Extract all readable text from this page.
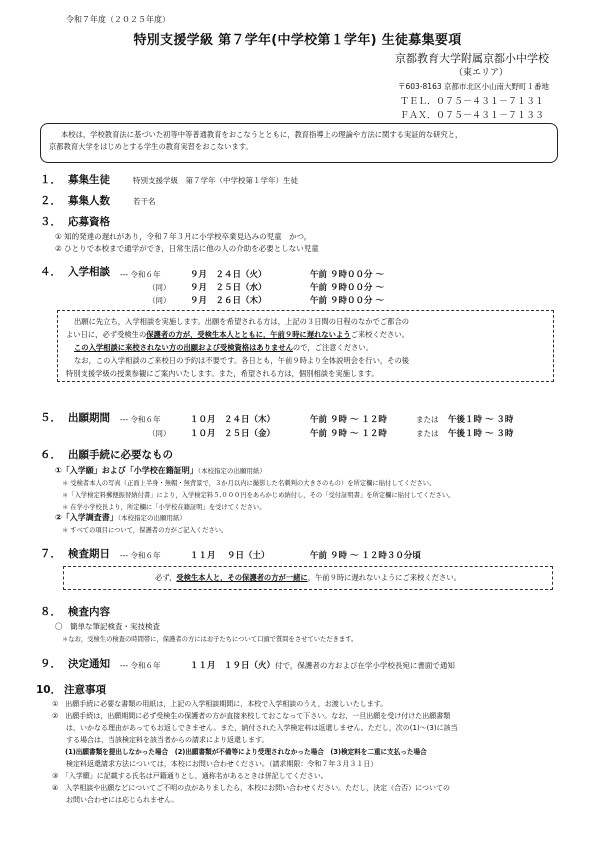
令和７年度（２０２５年度）
特別支援学級 第７学年(中学校第１学年) 生徒募集要項
京都教育大学附属京都小中学校
（東エリア）
〒603-8163 京都市北区小山南大野町１番地
ＴＥＬ．０７５－４３１－７１３１
ＦＡＸ．０７５－４３１－７１３３
本校は，学校教育法に基づいた初等中等普通教育をおこなうとともに，教育指導上の理論や方法に関する実証的な研究と，
京都教育大学をはじめとする学生の教育実習をおこないます。
１． 募集生徒	特別支援学級　第７学年（中学校第１学年）生徒
２． 募集人数	若干名
３． 応募資格
① 知的発達の遅れがあり，令和７年３月に小学校卒業見込みの児童　かつ，
② ひとりで本校まで通学ができ，日常生活に他の人の介助を必要としない児童
４． 入学相談 --- 令和６年	９月　２４日（火）	午前 ９時００分 ～
（同） ９月　２５日（水）	午前 ９時００分 ～
（同） ９月　２６日（木）	午前 ９時００分 ～
出願に先立ち，入学相談を実施します。出願を希望される方は，上記の３日間の日程のなかでご都合の
よい日に，必ず受検生の保護者の方が，受検生本人とともに，午前９時に遅れないようご来校ください。
この入学相談に来校されない方の出願および受検資格はありませんので，ご注意ください。
なお，この入学相談のご来校日の予約は不要です。各日とも，午前９時より全体説明会を行い，その後
特別支援学級の授業参観にご案内いたします。また，希望される方は，個別相談を実施します。
５． 出願期間 --- 令和６年	１０月　２４日（木）	午前 ９時 ～ １２時	または 午後１時 ～ ３時
（同） １０月　２５日（金）	午前 ９時 ～ １２時	または 午後１時 ～ ３時
６． 出願手続に必要なもの
①「入学願」および「小学校在籍証明」（本校指定の出願用紙）
＊ 受検者本人の写真（正面上半身・無帽・無背景で，３か月以内に撮影した名刺判の大きさのもの）を所定欄に貼付してください。
＊「入学検定料郵便振替納付書」により，入学検定料５,０００円をあらかじめ納付し，その「受付証明書」を所定欄に貼付してください。
＊ 在学小学校長より，所定欄に「小学校在籍証明」を受けてください。
②「入学調査書」（本校指定の出願用紙）
＊ すべての項目について，保護者の方がご記入ください。
７． 検査期日 --- 令和６年	１１月　 ９日（土）	午前 ９時 ～ １２時３０分頃
必ず，受検生本人と，その保護者の方が一緒に，午前９時に遅れないようにご来校ください。
８． 検査内容
〇　簡単な筆記検査・実技検査
＊なお，受検生の検査の時間帯に，保護者の方にはお子たちについて口頭で質問をさせていただきます。
９． 決定通知 --- 令和６年	１１月　１９日（火）付で，保護者の方および在学小学校長宛に書面で通知
10． 注意事項
①　出願手続に必要な書類の用紙は，上記の入学相談期間に，本校で入学相談のうえ，お渡しいたします。
②　出願手続は，出願期間に必ず受検生の保護者の方が直接来校しておこなって下さい。なお，一旦出願を受け付けた出願書類
　　は，いかなる理由があってもお返しできません。また，納付された入学検定料は返還しません。ただし，次の(1)～(3)に該当
　　する場合は，当該検定料を該当者からの請求により返還します。
　　(1)出願書類を提出しなかった場合　(2)出願書類が不備等により受理されなかった場合　(3)検定料を二重に支払った場合
　　検定料返還請求方法については，本校にお問い合わせください。（請求期限：令和７年３月３１日）
③　「入学願」に記載する氏名は戸籍通りとし，通称名があるときは併記してください。
④　入学相談や出願などについてご不明の点がありましたら，本校にお問い合わせください。ただし，決定（合否）についての
　　お問い合わせには応じられません。
